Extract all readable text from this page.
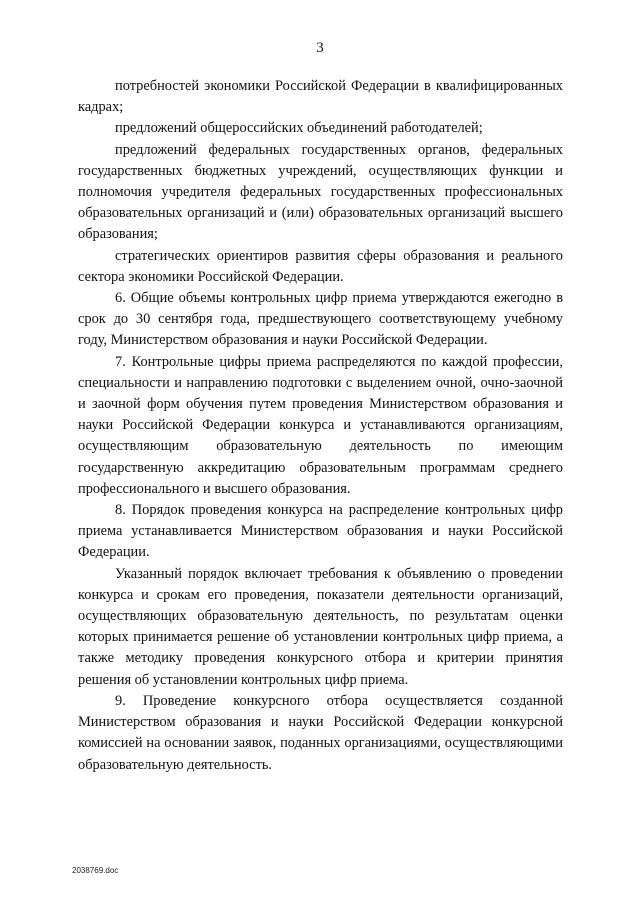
3

потребностей экономики Российской Федерации в квалифицированных кадрах;

предложений общероссийских объединений работодателей;

предложений федеральных государственных органов, федеральных государственных бюджетных учреждений, осуществляющих функции и полномочия учредителя федеральных государственных профессиональных образовательных организаций и (или) образовательных организаций высшего образования;

стратегических ориентиров развития сферы образования и реального сектора экономики Российской Федерации.

6. Общие объемы контрольных цифр приема утверждаются ежегодно в срок до 30 сентября года, предшествующего соответствующему учебному году, Министерством образования и науки Российской Федерации.

7. Контрольные цифры приема распределяются по каждой профессии, специальности и направлению подготовки с выделением очной, очно-заочной и заочной форм обучения путем проведения Министерством образования и науки Российской Федерации конкурса и устанавливаются организациям, осуществляющим образовательную деятельность по имеющим государственную аккредитацию образовательным программам среднего профессионального и высшего образования.

8. Порядок проведения конкурса на распределение контрольных цифр приема устанавливается Министерством образования и науки Российской Федерации.

Указанный порядок включает требования к объявлению о проведении конкурса и срокам его проведения, показатели деятельности организаций, осуществляющих образовательную деятельность, по результатам оценки которых принимается решение об установлении контрольных цифр приема, а также методику проведения конкурсного отбора и критерии принятия решения об установлении контрольных цифр приема.

9. Проведение конкурсного отбора осуществляется созданной Министерством образования и науки Российской Федерации конкурсной комиссией на основании заявок, поданных организациями, осуществляющими образовательную деятельность.

2038769.doc
